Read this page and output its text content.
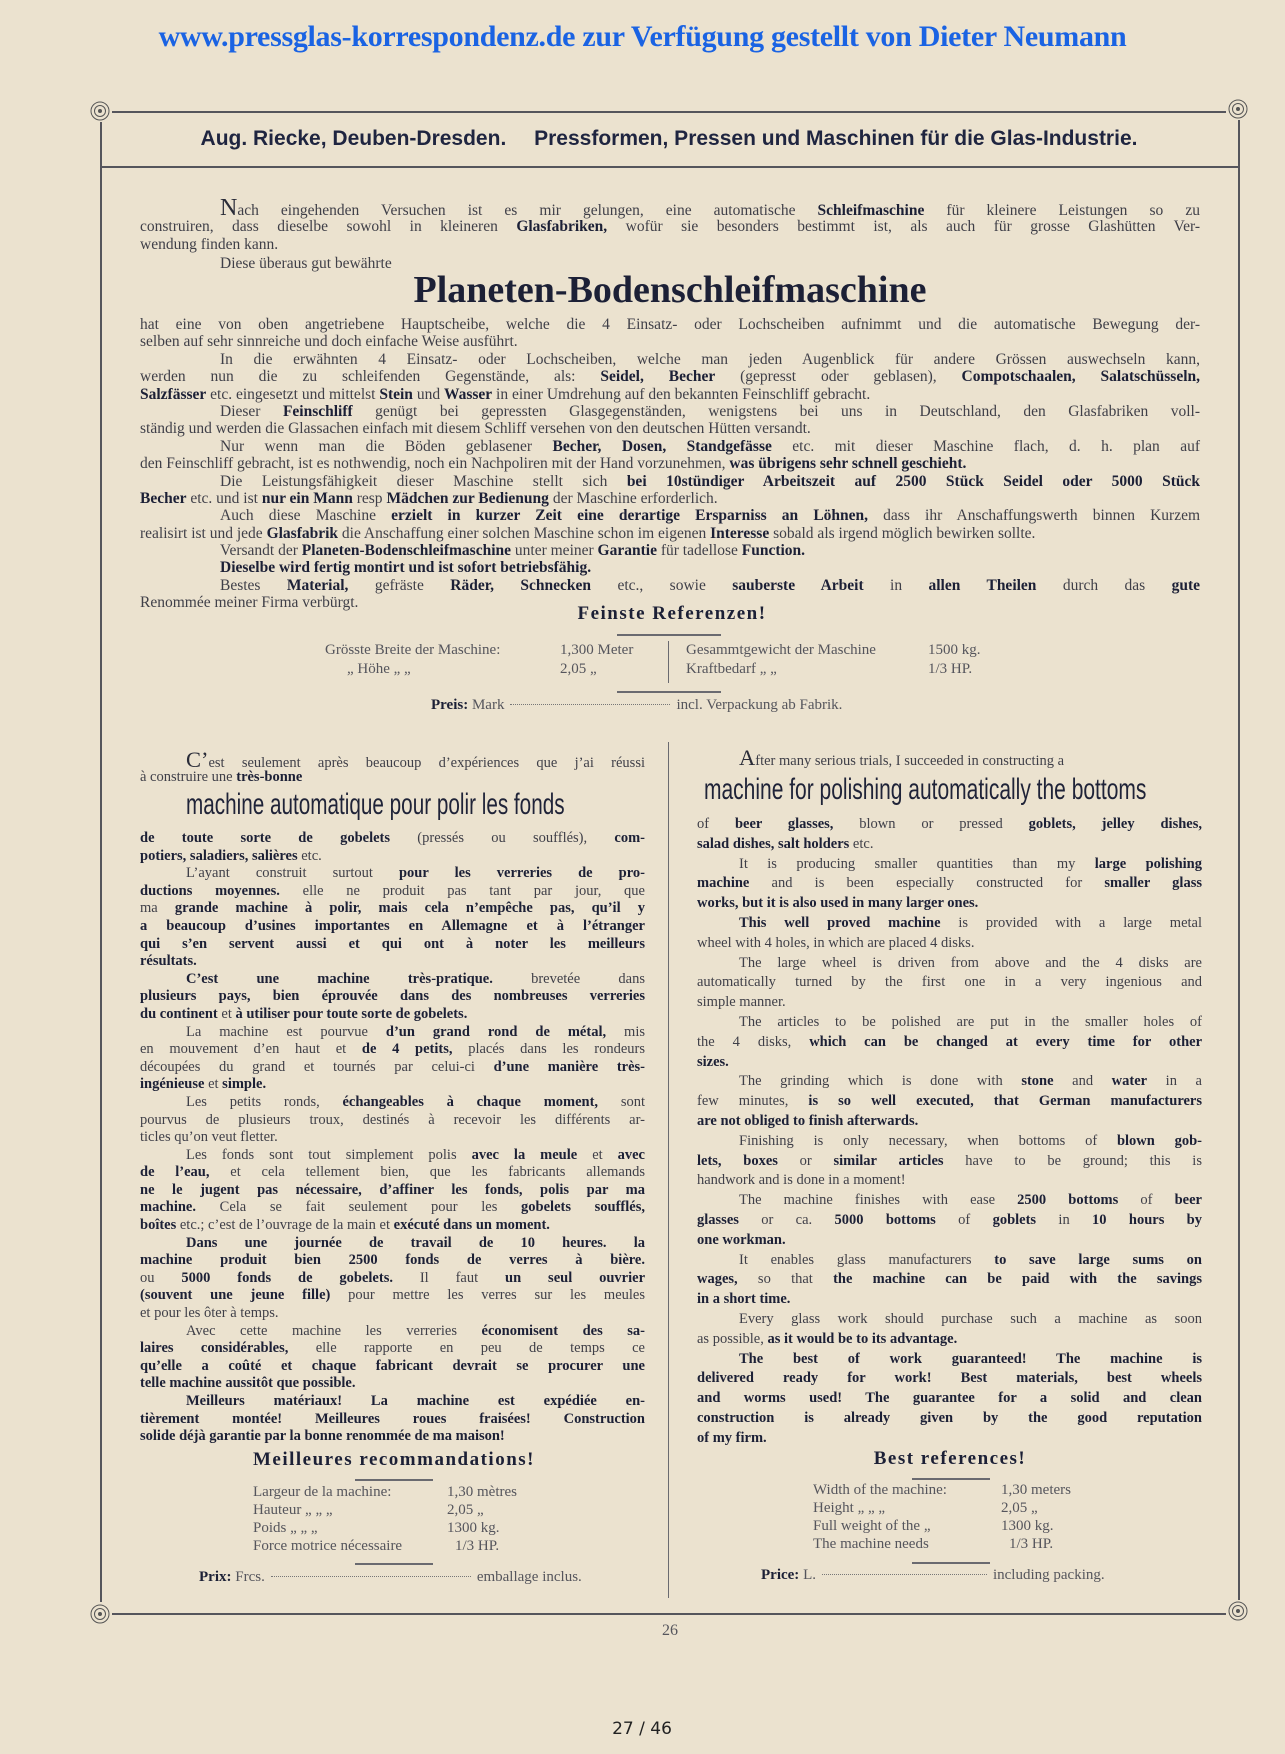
www.pressglas-korrespondenz.de zur Verfügung gestellt von Dieter Neumann
Aug. Riecke, Deuben-Dresden. Pressformen, Pressen und Maschinen für die Glas-Industrie.
Nach eingehenden Versuchen ist es mir gelungen, eine automatische Schleifmaschine für kleinere Leistungen so zu
construiren, dass dieselbe sowohl in kleineren Glasfabriken, wofür sie besonders bestimmt ist, als auch für grosse Glashütten Ver-
wendung finden kann.
Diese überaus gut bewährte
Planeten-Bodenschleifmaschine
hat eine von oben angetriebene Hauptscheibe, welche die 4 Einsatz- oder Lochscheiben aufnimmt und die automatische Bewegung der-
selben auf sehr sinnreiche und doch einfache Weise ausführt.
In die erwähnten 4 Einsatz- oder Lochscheiben, welche man jeden Augenblick für andere Grössen auswechseln kann,
werden nun die zu schleifenden Gegenstände, als: Seidel, Becher (gepresst oder geblasen), Compotschaalen, Salatschüsseln,
Salzfässer etc. eingesetzt und mittelst Stein und Wasser in einer Umdrehung auf den bekannten Feinschliff gebracht.
Dieser Feinschliff genügt bei gepressten Glasgegenständen, wenigstens bei uns in Deutschland, den Glasfabriken voll-
ständig und werden die Glassachen einfach mit diesem Schliff versehen von den deutschen Hütten versandt.
Nur wenn man die Böden geblasener Becher, Dosen, Standgefässe etc. mit dieser Maschine flach, d. h. plan auf
den Feinschliff gebracht, ist es nothwendig, noch ein Nachpoliren mit der Hand vorzunehmen, was übrigens sehr schnell geschieht.
Die Leistungsfähigkeit dieser Maschine stellt sich bei 10stündiger Arbeitszeit auf 2500 Stück Seidel oder 5000 Stück
Becher etc. und ist nur ein Mann resp Mädchen zur Bedienung der Maschine erforderlich.
Auch diese Maschine erzielt in kurzer Zeit eine derartige Ersparniss an Löhnen, dass ihr Anschaffungswerth binnen Kurzem
realisirt ist und jede Glasfabrik die Anschaffung einer solchen Maschine schon im eigenen Interesse sobald als irgend möglich bewirken sollte.
Versandt der Planeten-Bodenschleifmaschine unter meiner Garantie für tadellose Function.
Dieselbe wird fertig montirt und ist sofort betriebsfähig.
Bestes Material, gefräste Räder, Schnecken etc., sowie sauberste Arbeit in allen Theilen durch das gute
Renommée meiner Firma verbürgt.
Feinste Referenzen!
Grösste Breite der Maschine:	1,300 Meter	Gesammtgewicht der Maschine	1500 kg.
„ Höhe „ „	2,05 „	Kraftbedarf „ „	1/3 HP.
Preis: Mark	incl. Verpackung ab Fabrik.
C’est seulement après beaucoup d’expériences que j’ai réussi
à construire une très-bonne
machine automatique pour polir les fonds
de toute sorte de gobelets (pressés ou soufflés), com-
potiers, saladiers, salières etc.
L’ayant construit surtout pour les verreries de pro-
ductions moyennes. elle ne produit pas tant par jour, que
ma grande machine à polir, mais cela n’empêche pas, qu’il y
a beaucoup d’usines importantes en Allemagne et à l’étranger
qui s’en servent aussi et qui ont à noter les meilleurs
résultats.
C’est une machine très-pratique. brevetée dans
plusieurs pays, bien éprouvée dans des nombreuses verreries
du continent et à utiliser pour toute sorte de gobelets.
La machine est pourvue d’un grand rond de métal, mis
en mouvement d’en haut et de 4 petits, placés dans les rondeurs
découpées du grand et tournés par celui-ci d’une manière très-
ingénieuse et simple.
Les petits ronds, échangeables à chaque moment, sont
pourvus de plusieurs troux, destinés à recevoir les différents ar-
ticles qu’on veut fletter.
Les fonds sont tout simplement polis avec la meule et avec
de l’eau, et cela tellement bien, que les fabricants allemands
ne le jugent pas nécessaire, d’affiner les fonds, polis par ma
machine. Cela se fait seulement pour les gobelets soufflés,
boîtes etc.; c’est de l’ouvrage de la main et exécuté dans un moment.
Dans une journée de travail de 10 heures. la
machine produit bien 2500 fonds de verres à bière.
ou 5000 fonds de gobelets. Il faut un seul ouvrier
(souvent une jeune fille) pour mettre les verres sur les meules
et pour les ôter à temps.
Avec cette machine les verreries économisent des sa-
laires considérables, elle rapporte en peu de temps ce
qu’elle a coûté et chaque fabricant devrait se procurer une
telle machine aussitôt que possible.
Meilleurs matériaux! La machine est expédiée en-
tièrement montée! Meilleures roues fraisées! Construction
solide déjà garantie par la bonne renommée de ma maison!
Meilleures recommandations!
Largeur de la machine:	1,30 mètres
Hauteur „ „ „	2,05 „
Poids „ „ „	1300 kg.
Force motrice nécessaire	1/3 HP.
Prix: Frcs.	emballage inclus.
After many serious trials, I succeeded in constructing a
machine for polishing automatically the bottoms
of beer glasses, blown or pressed goblets, jelley dishes,
salad dishes, salt holders etc.
It is producing smaller quantities than my large polishing
machine and is been especially constructed for smaller glass
works, but it is also used in many larger ones.
This well proved machine is provided with a large metal
wheel with 4 holes, in which are placed 4 disks.
The large wheel is driven from above and the 4 disks are
automatically turned by the first one in a very ingenious and
simple manner.
The articles to be polished are put in the smaller holes of
the 4 disks, which can be changed at every time for other
sizes.
The grinding which is done with stone and water in a
few minutes, is so well executed, that German manufacturers
are not obliged to finish afterwards.
Finishing is only necessary, when bottoms of blown gob-
lets, boxes or similar articles have to be ground; this is
handwork and is done in a moment!
The machine finishes with ease 2500 bottoms of beer
glasses or ca. 5000 bottoms of goblets in 10 hours by
one workman.
It enables glass manufacturers to save large sums on
wages, so that the machine can be paid with the savings
in a short time.
Every glass work should purchase such a machine as soon
as possible, as it would be to its advantage.
The best of work guaranteed! The machine is
delivered ready for work! Best materials, best wheels
and worms used! The guarantee for a solid and clean
construction is already given by the good reputation
of my firm.
Best references!
Width of the machine:	1,30 meters
Height „ „ „	2,05 „
Full weight of the „	1300 kg.
The machine needs	1/3 HP.
Price: L.	including packing.
26
27 / 46
